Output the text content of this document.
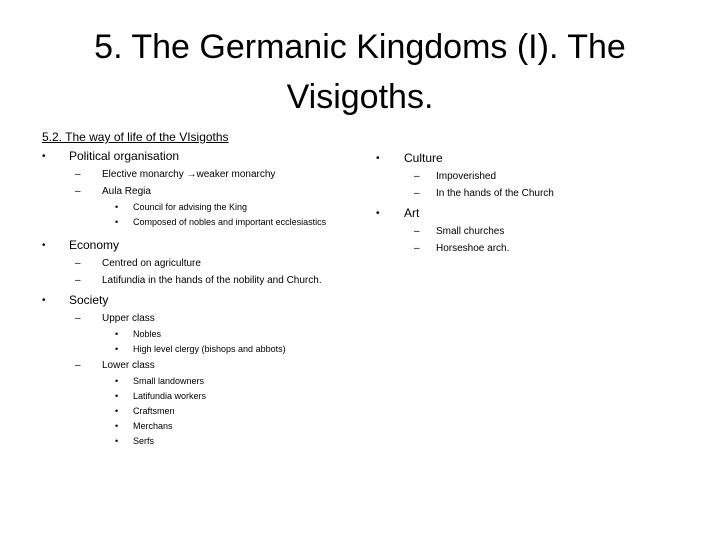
5. The Germanic Kingdoms (I). The
Visigoths.
5.2. The way of life of the VIsigoths
• Political organisation
– Elective monarchy →weaker monarchy
– Aula Regia
• Council for advising the King
• Composed of nobles and important ecclesiastics
• Economy
– Centred on agriculture
– Latifundia in the hands of the nobility and Church.
• Society
– Upper class
• Nobles
• High level clergy (bishops and abbots)
– Lower class
• Small landowners
• Latifundia workers
• Craftsmen
• Merchans
• Serfs
• Culture
– Impoverished
– In the hands of the Church
• Art
– Small churches
– Horseshoe arch.
